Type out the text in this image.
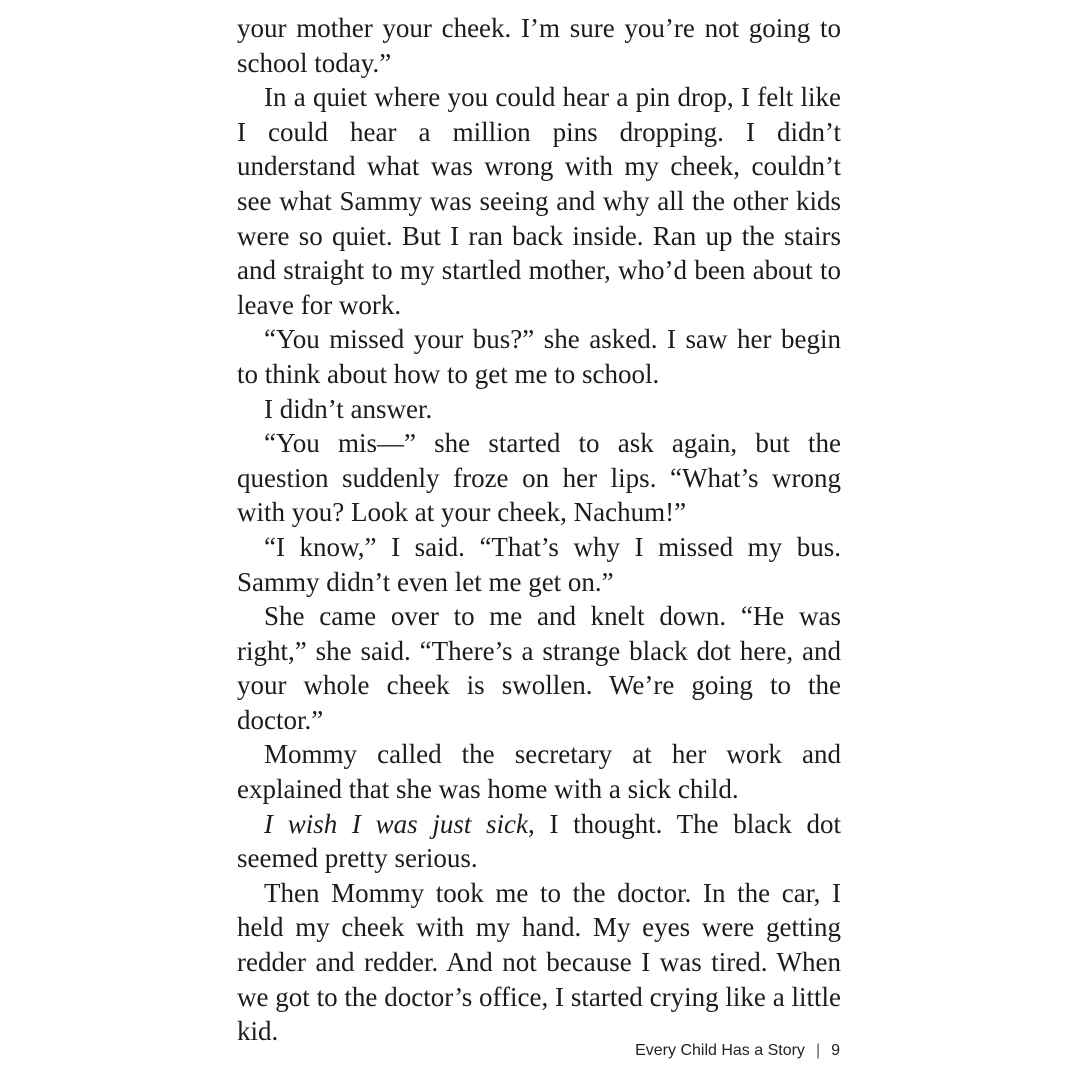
your mother your cheek. I’m sure you’re not going to school today.”

In a quiet where you could hear a pin drop, I felt like I could hear a million pins dropping. I didn’t understand what was wrong with my cheek, couldn’t see what Sammy was seeing and why all the other kids were so quiet. But I ran back inside. Ran up the stairs and straight to my startled mother, who’d been about to leave for work.

“You missed your bus?” she asked. I saw her begin to think about how to get me to school.

I didn’t answer.

“You mis—” she started to ask again, but the question suddenly froze on her lips. “What’s wrong with you? Look at your cheek, Nachum!”

“I know,” I said. “That’s why I missed my bus. Sammy didn’t even let me get on.”

She came over to me and knelt down. “He was right,” she said. “There’s a strange black dot here, and your whole cheek is swollen. We’re going to the doctor.”

Mommy called the secretary at her work and explained that she was home with a sick child.

I wish I was just sick, I thought. The black dot seemed pretty serious.

Then Mommy took me to the doctor. In the car, I held my cheek with my hand. My eyes were getting redder and redder. And not because I was tired. When we got to the doctor’s office, I started crying like a little kid.

Every Child Has a Story | 9
